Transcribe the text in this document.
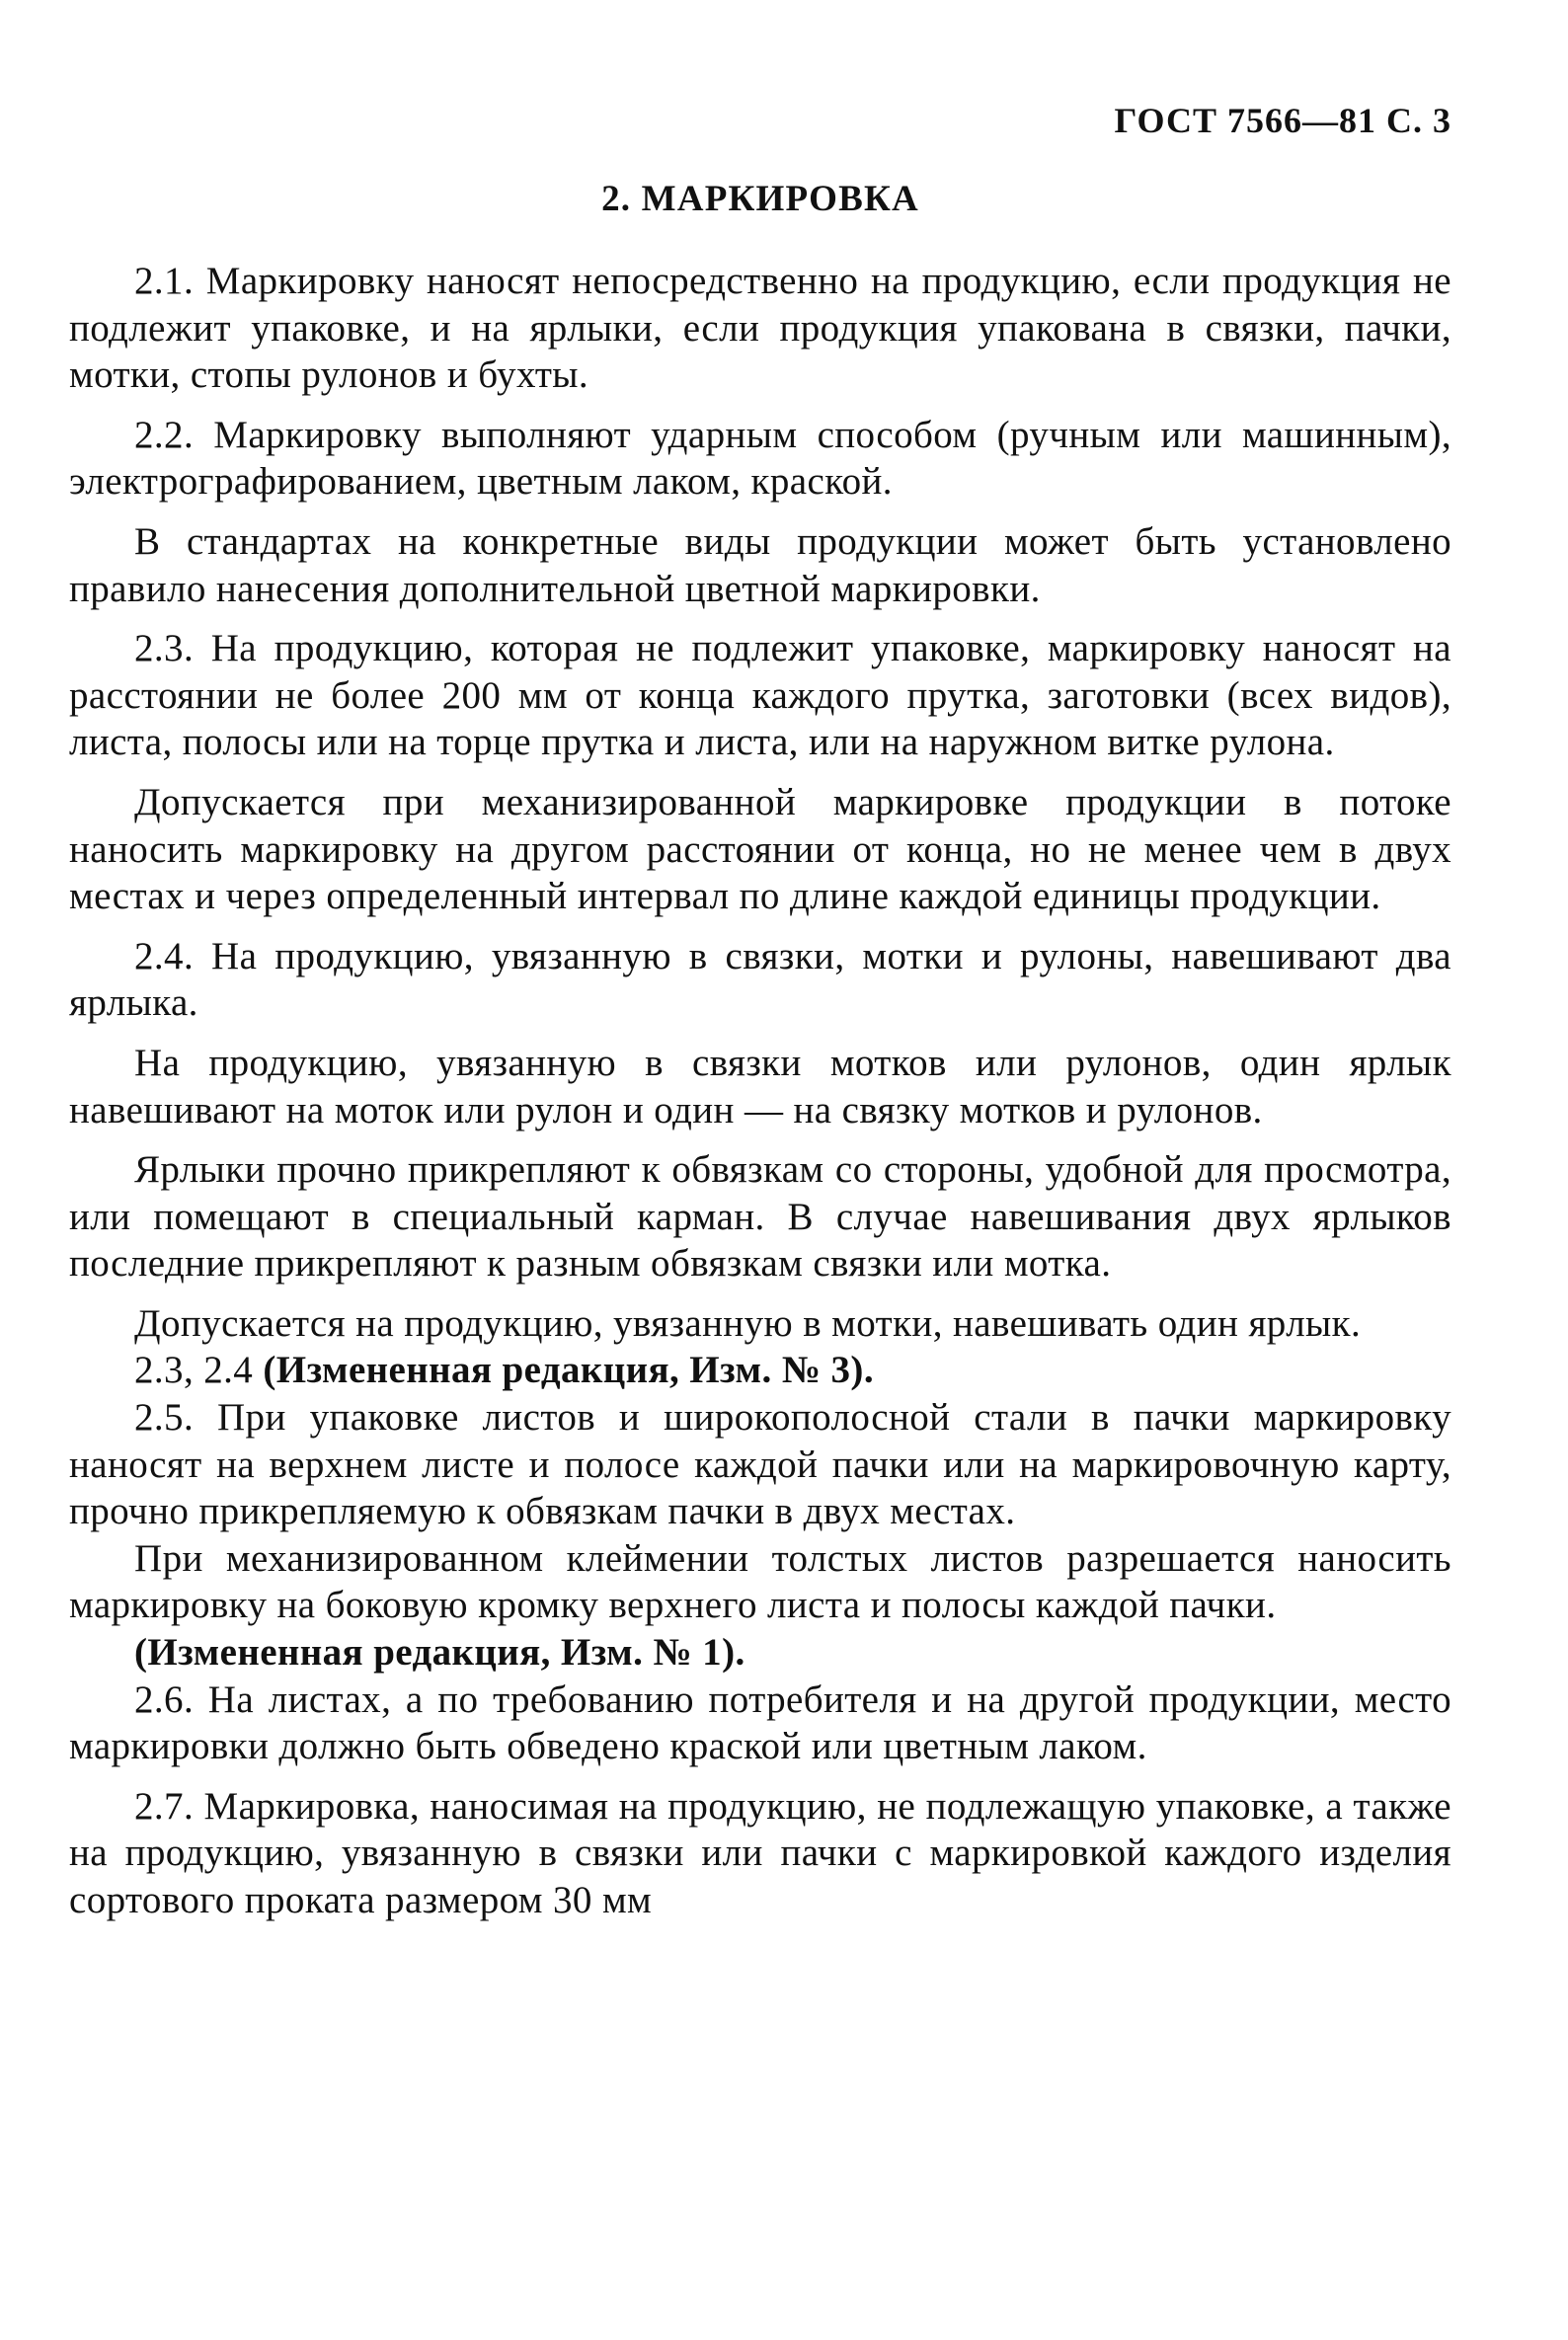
ГОСТ 7566—81 С. 3
2. МАРКИРОВКА

2.1. Маркировку наносят непосредственно на продукцию, если продукция не подлежит упаковке, и на ярлыки, если продукция упакована в связки, пачки, мотки, стопы рулонов и бухты.

2.2. Маркировку выполняют ударным способом (ручным или машинным), электрографированием, цветным лаком, краской.

В стандартах на конкретные виды продукции может быть установлено правило нанесения дополнительной цветной маркировки.

2.3. На продукцию, которая не подлежит упаковке, маркировку наносят на расстоянии не более 200 мм от конца каждого прутка, заготовки (всех видов), листа, полосы или на торце прутка и листа, или на наружном витке рулона.

Допускается при механизированной маркировке продукции в потоке наносить маркировку на другом расстоянии от конца, но не менее чем в двух местах и через определенный интервал по длине каждой единицы продукции.

2.4. На продукцию, увязанную в связки, мотки и рулоны, навешивают два ярлыка.

На продукцию, увязанную в связки мотков или рулонов, один ярлык навешивают на моток или рулон и один — на связку мотков и рулонов.

Ярлыки прочно прикрепляют к обвязкам со стороны, удобной для просмотра, или помещают в специальный карман. В случае навешивания двух ярлыков последние прикрепляют к разным обвязкам связки или мотка.

Допускается на продукцию, увязанную в мотки, навешивать один ярлык.

2.3, 2.4 (Измененная редакция, Изм. № 3).

2.5. При упаковке листов и широкополосной стали в пачки маркировку наносят на верхнем листе и полосе каждой пачки или на маркировочную карту, прочно прикрепляемую к обвязкам пачки в двух местах.

При механизированном клеймении толстых листов разрешается наносить маркировку на боковую кромку верхнего листа и полосы каждой пачки.

(Измененная редакция, Изм. № 1).

2.6. На листах, а по требованию потребителя и на другой продукции, место маркировки должно быть обведено краской или цветным лаком.

2.7. Маркировка, наносимая на продукцию, не подлежащую упаковке, а также на продукцию, увязанную в связки или пачки с маркировкой каждого изделия сортового проката размером 30 мм
